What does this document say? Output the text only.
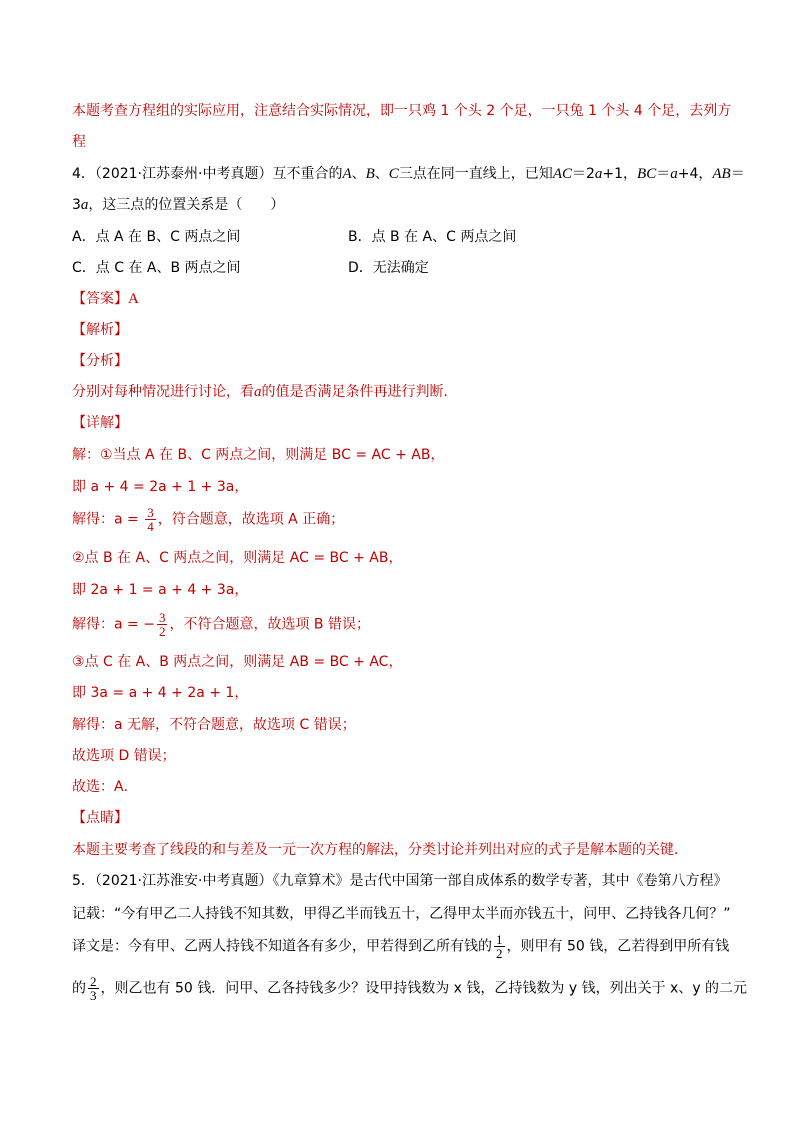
本题考查方程组的实际应用，注意结合实际情况，即一只鸡 1 个头 2 个足，一只兔 1 个头 4 个足，去列方
程
4．（2021·江苏泰州·中考真题）互不重合的A、B、C三点在同一直线上，已知AC＝2a+1，BC＝a+4，AB＝
3a，这三点的位置关系是（　　）
A．点 A 在 B、C 两点之间	B．点 B 在 A、C 两点之间
C．点 C 在 A、B 两点之间	D．无法确定
【答案】A
【解析】
【分析】
分别对每种情况进行讨论，看a的值是否满足条件再进行判断．
【详解】
解：①当点 A 在 B、C 两点之间，则满足 BC = AC + AB，
即 a + 4 = 2a + 1 + 3a，
解得：$a = \frac{3}{4}$ ，符合题意，故选项 A 正确；
②点 B 在 A、C 两点之间，则满足 AC = BC + AB，
即 2a + 1 = a + 4 + 3a，
解得：a = − $\frac{3}{2}$ ，不符合题意，故选项 B 错误；
③点 C 在 A、B 两点之间，则满足 AB = BC + AC，
即 3a = a + 4 + 2a + 1，
解得：a 无解，不符合题意，故选项 C 错误；
故选项 D 错误；
故选：A．
【点睛】
本题主要考查了线段的和与差及一元一次方程的解法，分类讨论并列出对应的式子是解本题的关键．
5．（2021·江苏淮安·中考真题）《九章算术》是古代中国第一部自成体系的数学专著，其中《卷第八方程》
记载：“今有甲乙二人持钱不知其数，甲得乙半而钱五十，乙得甲太半而亦钱五十，问甲、乙持钱各几何？”
译文是：今有甲、乙两人持钱不知道各有多少，甲若得到乙所有钱的 $\frac{1}{2}$ ，则甲有 50 钱，乙若得到甲所有钱
的 $\frac{2}{3}$ ，则乙也有 50 钱．问甲、乙各持钱多少？设甲持钱数为 x 钱，乙持钱数为 y 钱，列出关于 x、y 的二元
